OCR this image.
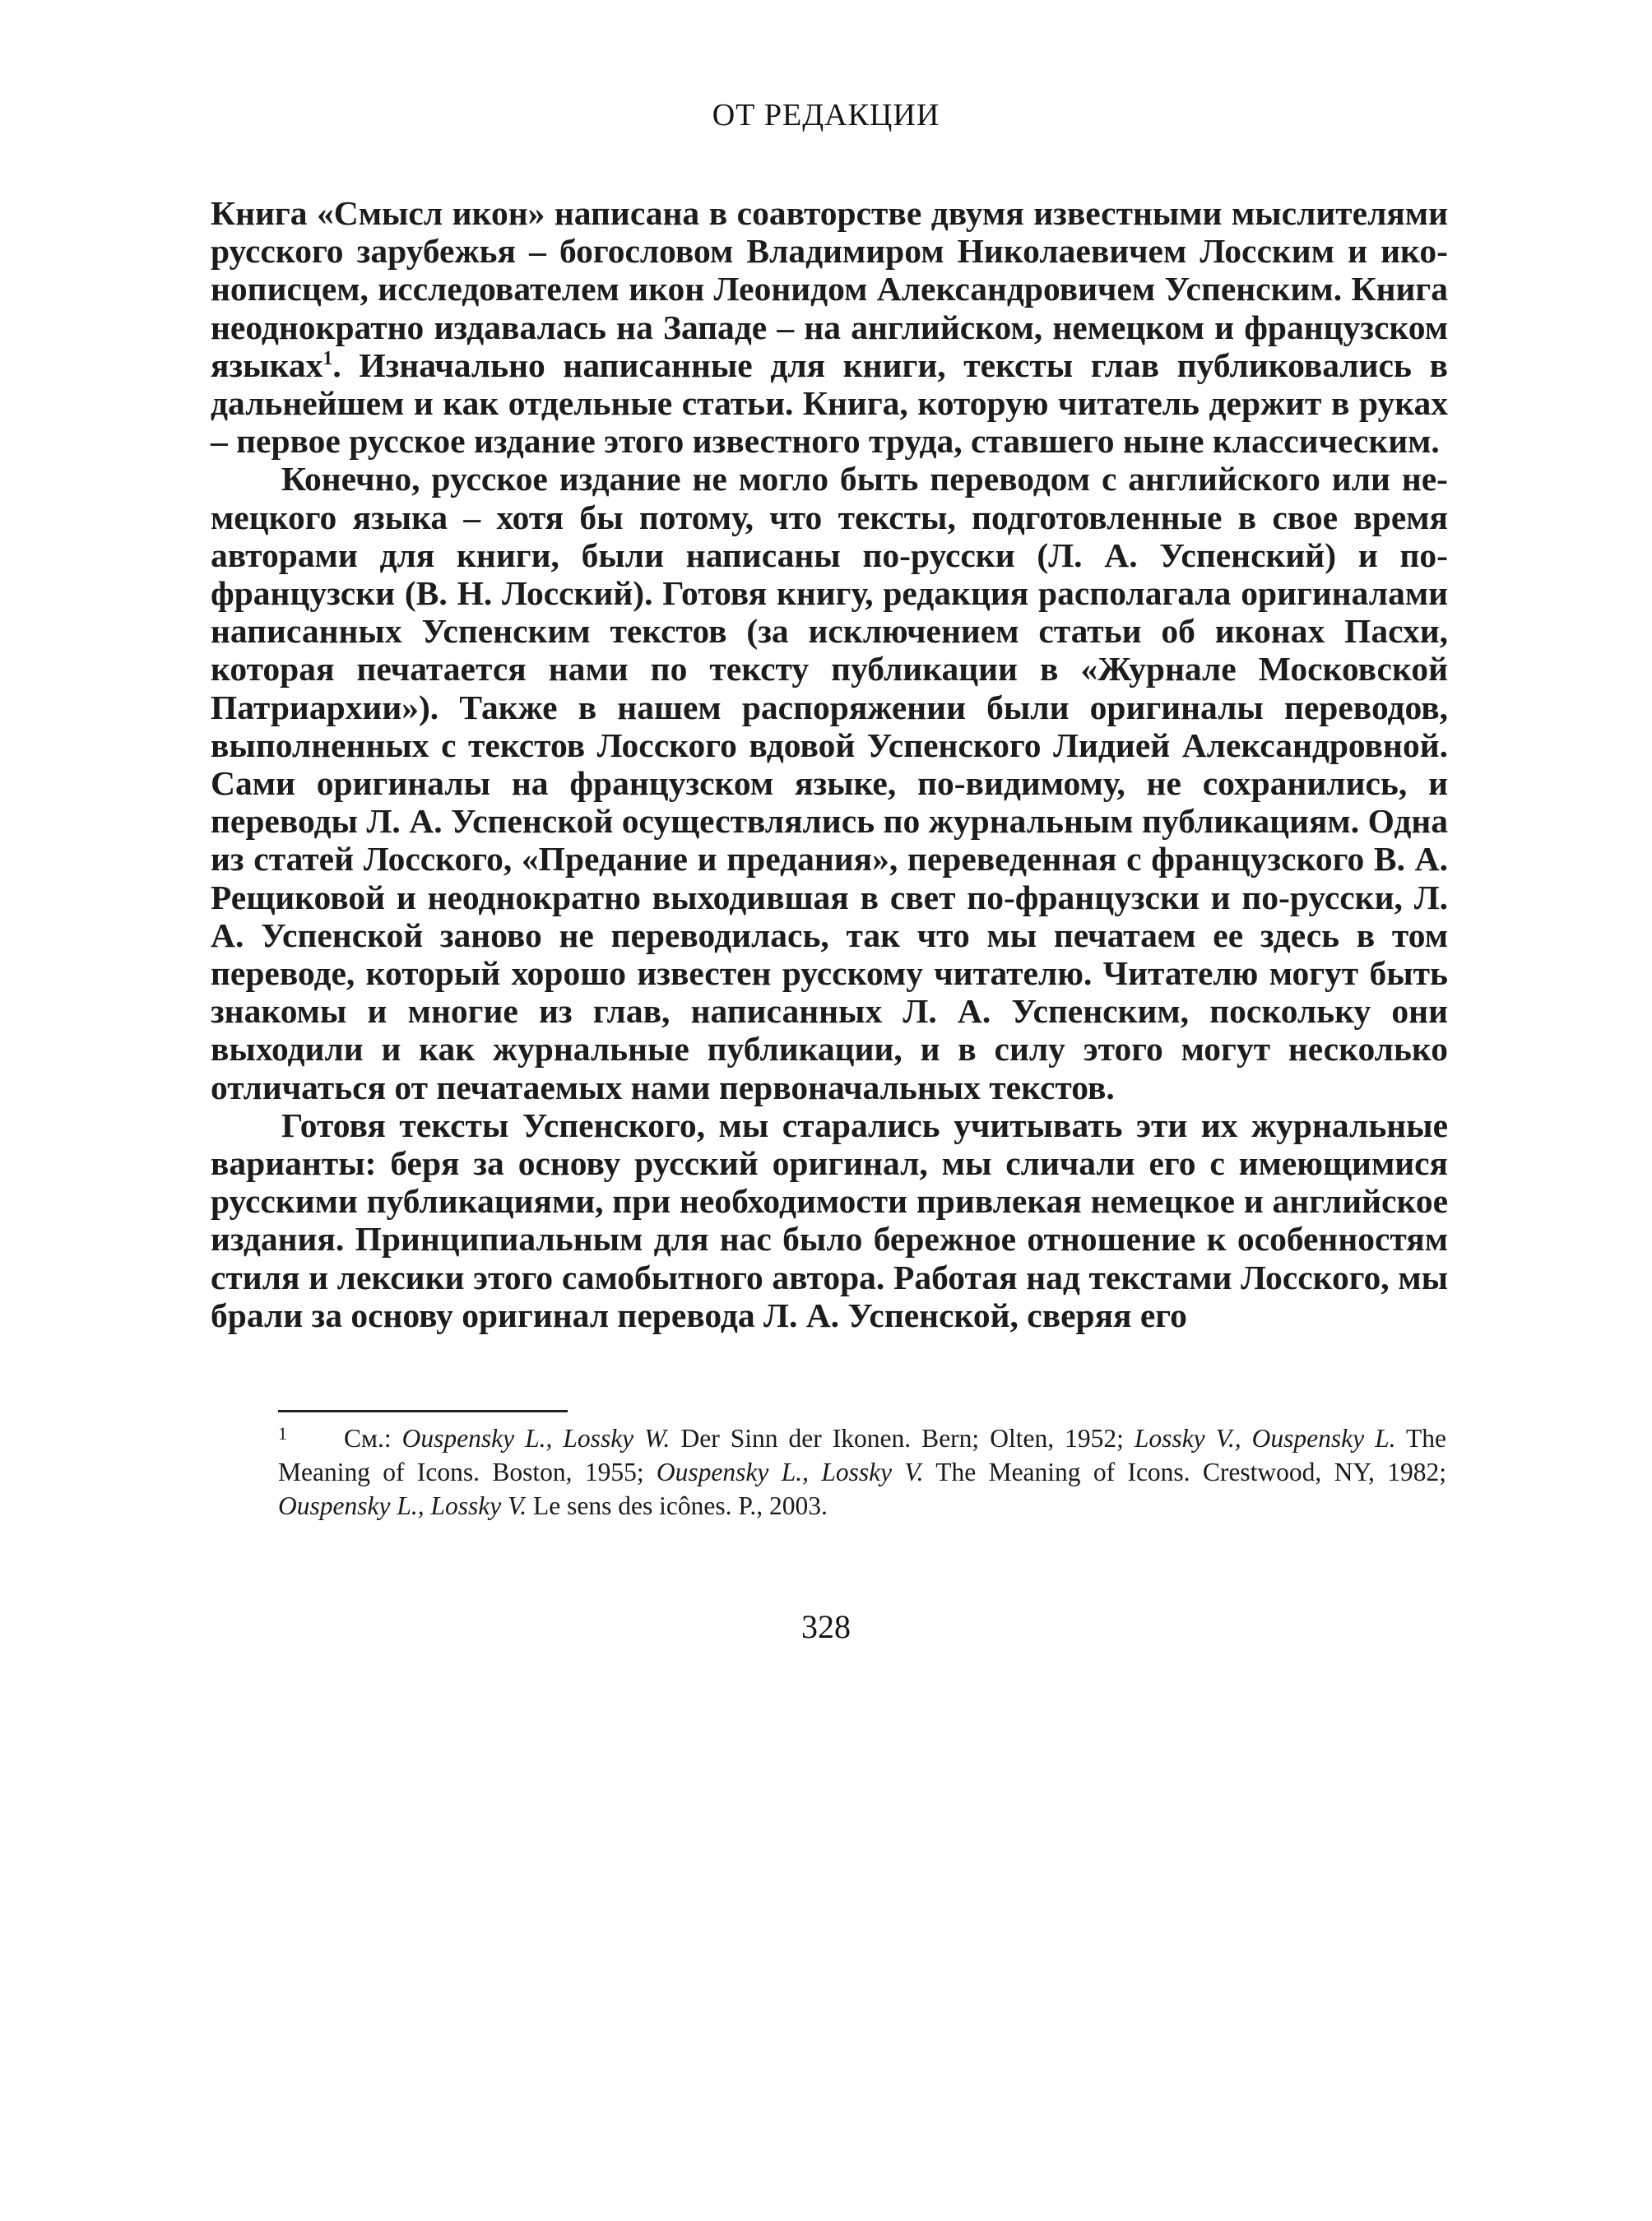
ОТ РЕДАКЦИИ

Книга «Смысл икон» написана в соавторстве двумя известными мыслителями русского зарубежья – богословом Владимиром Николаевичем Лосским и иконописцем, исследователем икон Леонидом Александровичем Успенским. Книга неоднократно издавалась на Западе – на английском, немецком и французском языках$^1$. Изначально написанные для книги, тексты глав публиковались в дальнейшем и как отдельные статьи. Книга, которую читатель держит в руках – первое русское издание этого известного труда, ставшего ныне классическим.

Конечно, русское издание не могло быть переводом с английского или немецкого языка – хотя бы потому, что тексты, подготовленные в свое время авторами для книги, были написаны по-русски (Л. А. Успенский) и по-французски (В. Н. Лосский). Готовя книгу, редакция располагала оригиналами написанных Успенским текстов (за исключением статьи об иконах Пасхи, которая печатается нами по тексту публикации в «Журнале Московской Патриархии»). Также в нашем распоряжении были оригиналы переводов, выполненных с текстов Лосского вдовой Успенского Лидией Александровной. Сами оригиналы на французском языке, по-видимому, не сохранились, и переводы Л. А. Успенской осуществлялись по журнальным публикациям. Одна из статей Лосского, «Предание и предания», переведенная с французского В. А. Рещиковой и неоднократно выходившая в свет по-французски и по-русски, Л. А. Успенской заново не переводилась, так что мы печатаем ее здесь в том переводе, который хорошо известен русскому читателю. Читателю могут быть знакомы и многие из глав, написанных Л. А. Успенским, поскольку они выходили и как журнальные публикации, и в силу этого могут несколько отличаться от печатаемых нами первоначальных текстов.

Готовя тексты Успенского, мы старались учитывать эти их журнальные варианты: беря за основу русский оригинал, мы сличали его с имеющимися русскими публикациями, при необходимости привлекая немецкое и английское издания. Принципиальным для нас было бережное отношение к особенностям стиля и лексики этого самобытного автора. Работая над текстами Лосского, мы брали за основу оригинал перевода Л. А. Успенской, сверяя его

1 См.: Ouspensky L., Lossky W. Der Sinn der Ikonen. Bern; Olten, 1952; Lossky V., Ouspensky L. The Meaning of Icons. Boston, 1955; Ouspensky L., Lossky V. The Meaning of Icons. Crestwood, NY, 1982; Ouspensky L., Lossky V. Le sens des icônes. P., 2003.
328
